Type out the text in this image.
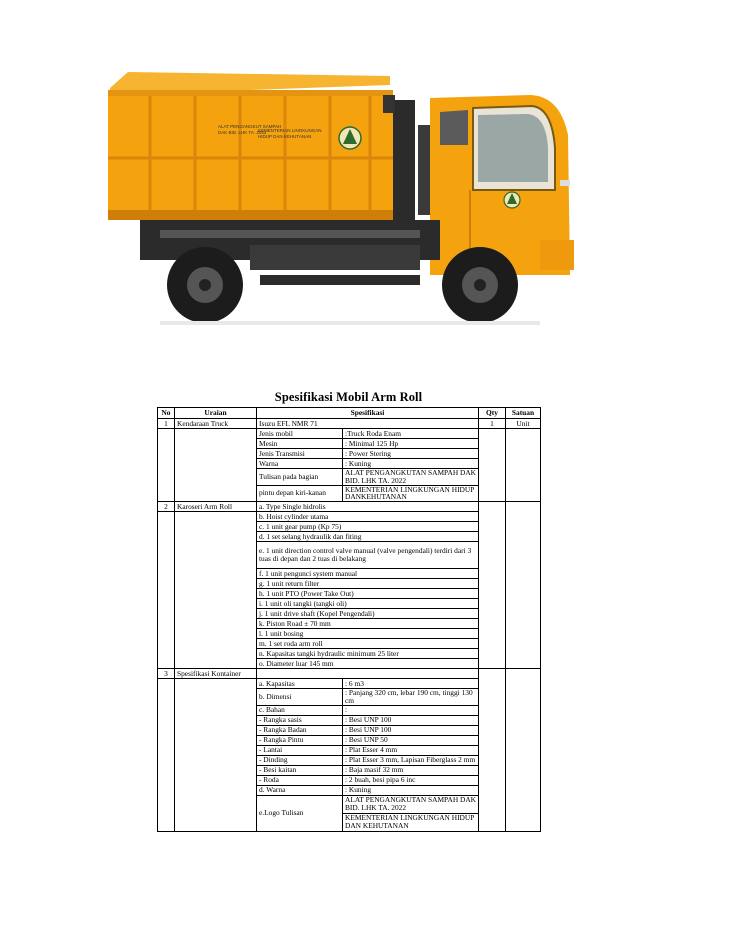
ALAT PENGANGKUT SAMPAH
DAK BID. LHK TA. 2022
KEMENTERIAN LINGKUNGAN
HIDUP DAN KEHUTANAN
Spesifikasi Mobil Arm Roll
No	Uraian	Spesifikasi		Qty	Satuan
1	Kendaraan Truck	Isuzu EFL NMR 71		1	Unit
		Jenis mobil	:Truck Roda Enam		
		Mesin	: Minimal 125 Hp		
		Jenis Transmisi	: Power Stering		
		Warna	: Kuning		
		Tulisan pada bagian	ALAT PENGANGKUTAN SAMPAH DAK BID. LHK TA. 2022		
		pintu depan kiri-kanan	KEMENTERIAN LINGKUNGAN HIDUP DANKEHUTANAN		
2	Karoseri Arm Roll	a. Type Single hidrolis			
		b. Hoist cylinder utama			
		c. 1 unit gear pump (Kp 75)			
		d. 1 set selang hydraulik dan fiting			
		e. 1 unit direction control valve manual (valve pengendali) terdiri dari 3 tuas di depan dan 2 tuas di belakang			
		f. 1 unit pengunci system manual			
		g. 1 unit return filter			
		h. 1 unit PTO (Power Take Out)			
		i. 1 unit oli tangki (tangki oli)			
		j. 1 unit drive shaft (Kopel Pengendali)			
		k. Piston Road ± 70 mm			
		l. 1 unit bosing			
		m. 1 set roda arm roll			
		n. Kapasitas tangki hydraulic minimum 25 liter			
		o. Diameter luar 145 mm			
3	Spesifikasi Kontainer				
		a. Kapasitas	: 6 m3		
		b. Dimensi	: Panjang 320 cm, lebar 190 cm, tinggi 130 cm		
		c. Bahan	:		
		- Rangka sasis	: Besi UNP 100		
		- Rangka Badan	: Besi UNP 100		
		- Rangka Pintu	: Besi UNP 50		
		- Lantai	: Plat Esser 4 mm		
		- Dinding	: Plat Esser 3 mm, Lapisan Fiberglass 2 mm		
		- Besi kaitan	: Baja masif 32 mm		
		- Roda	: 2 buah, besi pipa 6 inc		
		d. Warna	: Kuning		
		e.Logo Tulisan	ALAT PENGANGKUTAN SAMPAH DAK BID. LHK TA. 2022		
			KEMENTERIAN LINGKUNGAN HIDUP DAN KEHUTANAN		
